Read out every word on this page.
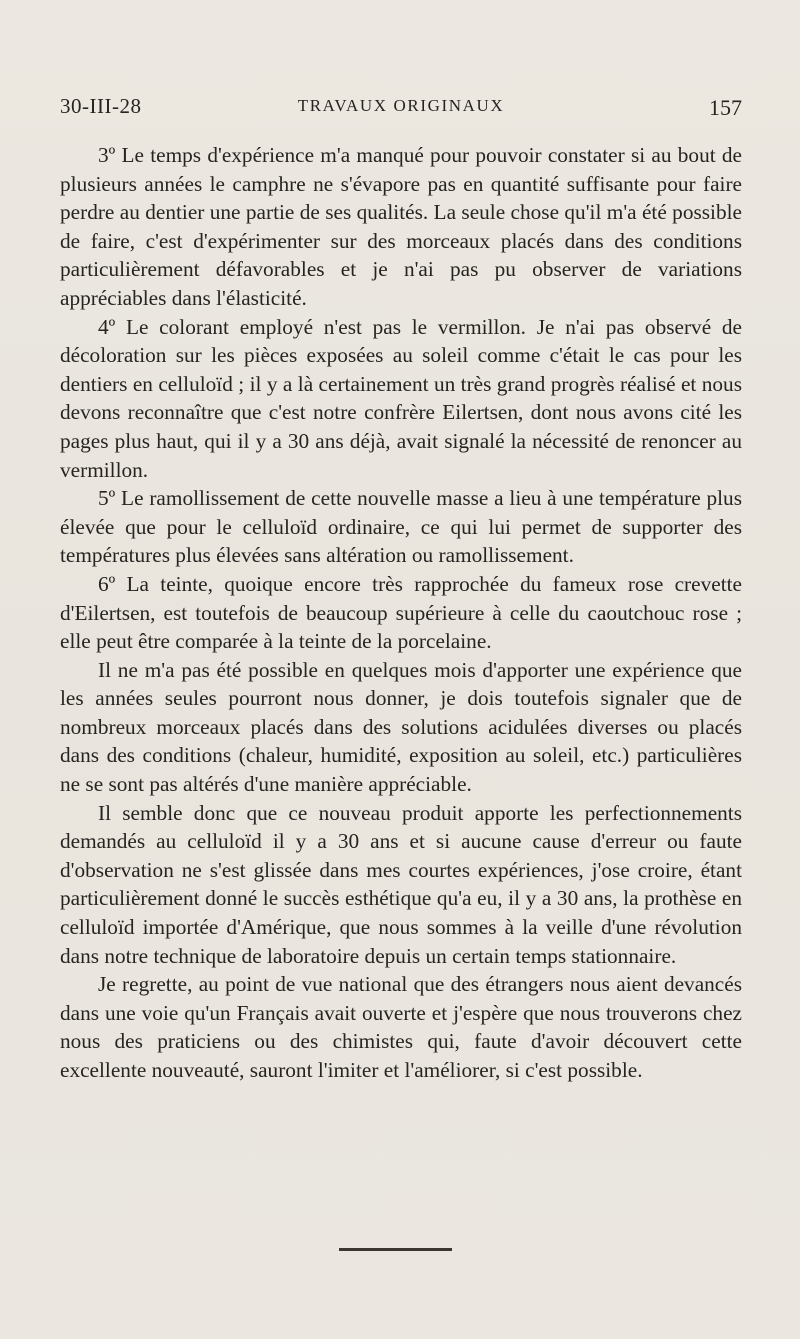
30-III-28	TRAVAUX ORIGINAUX	157

3º Le temps d'expérience m'a manqué pour pouvoir constater si au bout de plusieurs années le camphre ne s'évapore pas en quantité suffisante pour faire perdre au dentier une partie de ses qualités. La seule chose qu'il m'a été possible de faire, c'est d'expérimenter sur des morceaux placés dans des conditions particulièrement défavorables et je n'ai pas pu observer de variations appréciables dans l'élasticité.

4º Le colorant employé n'est pas le vermillon. Je n'ai pas observé de décoloration sur les pièces exposées au soleil comme c'était le cas pour les dentiers en celluloïd ; il y a là certainement un très grand progrès réalisé et nous devons reconnaître que c'est notre confrère Eilertsen, dont nous avons cité les pages plus haut, qui il y a 30 ans déjà, avait signalé la nécessité de renoncer au vermillon.

5º Le ramollissement de cette nouvelle masse a lieu à une température plus élevée que pour le celluloïd ordinaire, ce qui lui permet de supporter des températures plus élevées sans altération ou ramollissement.

6º La teinte, quoique encore très rapprochée du fameux rose crevette d'Eilertsen, est toutefois de beaucoup supérieure à celle du caoutchouc rose ; elle peut être comparée à la teinte de la porcelaine.

Il ne m'a pas été possible en quelques mois d'apporter une expérience que les années seules pourront nous donner, je dois toutefois signaler que de nombreux morceaux placés dans des solutions acidulées diverses ou placés dans des conditions (chaleur, humidité, exposition au soleil, etc.) particulières ne se sont pas altérés d'une manière appréciable.

Il semble donc que ce nouveau produit apporte les perfectionnements demandés au celluloïd il y a 30 ans et si aucune cause d'erreur ou faute d'observation ne s'est glissée dans mes courtes expériences, j'ose croire, étant particulièrement donné le succès esthétique qu'a eu, il y a 30 ans, la prothèse en celluloïd importée d'Amérique, que nous sommes à la veille d'une révolution dans notre technique de laboratoire depuis un certain temps stationnaire.

Je regrette, au point de vue national que des étrangers nous aient devancés dans une voie qu'un Français avait ouverte et j'espère que nous trouverons chez nous des praticiens ou des chimistes qui, faute d'avoir découvert cette excellente nouveauté, sauront l'imiter et l'améliorer, si c'est possible.
